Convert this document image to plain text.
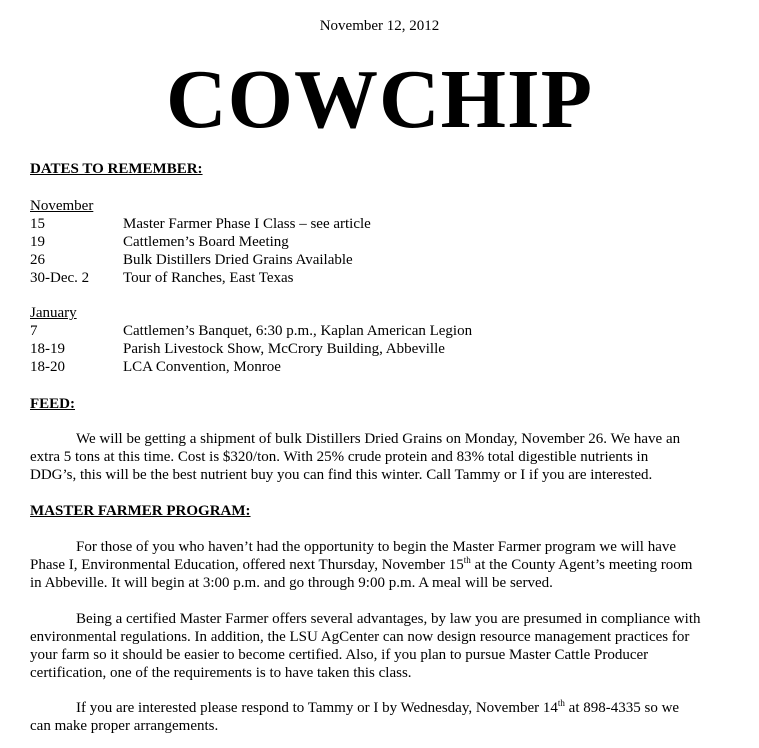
November 12, 2012
COWCHIP
DATES TO REMEMBER:
November
15	Master Farmer Phase I Class – see article
19	Cattlemen’s Board Meeting
26	Bulk Distillers Dried Grains Available
30-Dec. 2 Tour of Ranches, East Texas
January
7	Cattlemen’s Banquet, 6:30 p.m., Kaplan American Legion
18-19	Parish Livestock Show, McCrory Building, Abbeville
18-20	LCA Convention, Monroe
FEED:
We will be getting a shipment of bulk Distillers Dried Grains on Monday, November 26. We have an
extra 5 tons at this time. Cost is $320/ton. With 25% crude protein and 83% total digestible nutrients in
DDG’s, this will be the best nutrient buy you can find this winter. Call Tammy or I if you are interested.
MASTER FARMER PROGRAM:
For those of you who haven’t had the opportunity to begin the Master Farmer program we will have
Phase I, Environmental Education, offered next Thursday, November 15th at the County Agent’s meeting room
in Abbeville. It will begin at 3:00 p.m. and go through 9:00 p.m. A meal will be served.
Being a certified Master Farmer offers several advantages, by law you are presumed in compliance with
environmental regulations. In addition, the LSU AgCenter can now design resource management practices for
your farm so it should be easier to become certified. Also, if you plan to pursue Master Cattle Producer
certification, one of the requirements is to have taken this class.
If you are interested please respond to Tammy or I by Wednesday, November 14th at 898-4335 so we
can make proper arrangements.
